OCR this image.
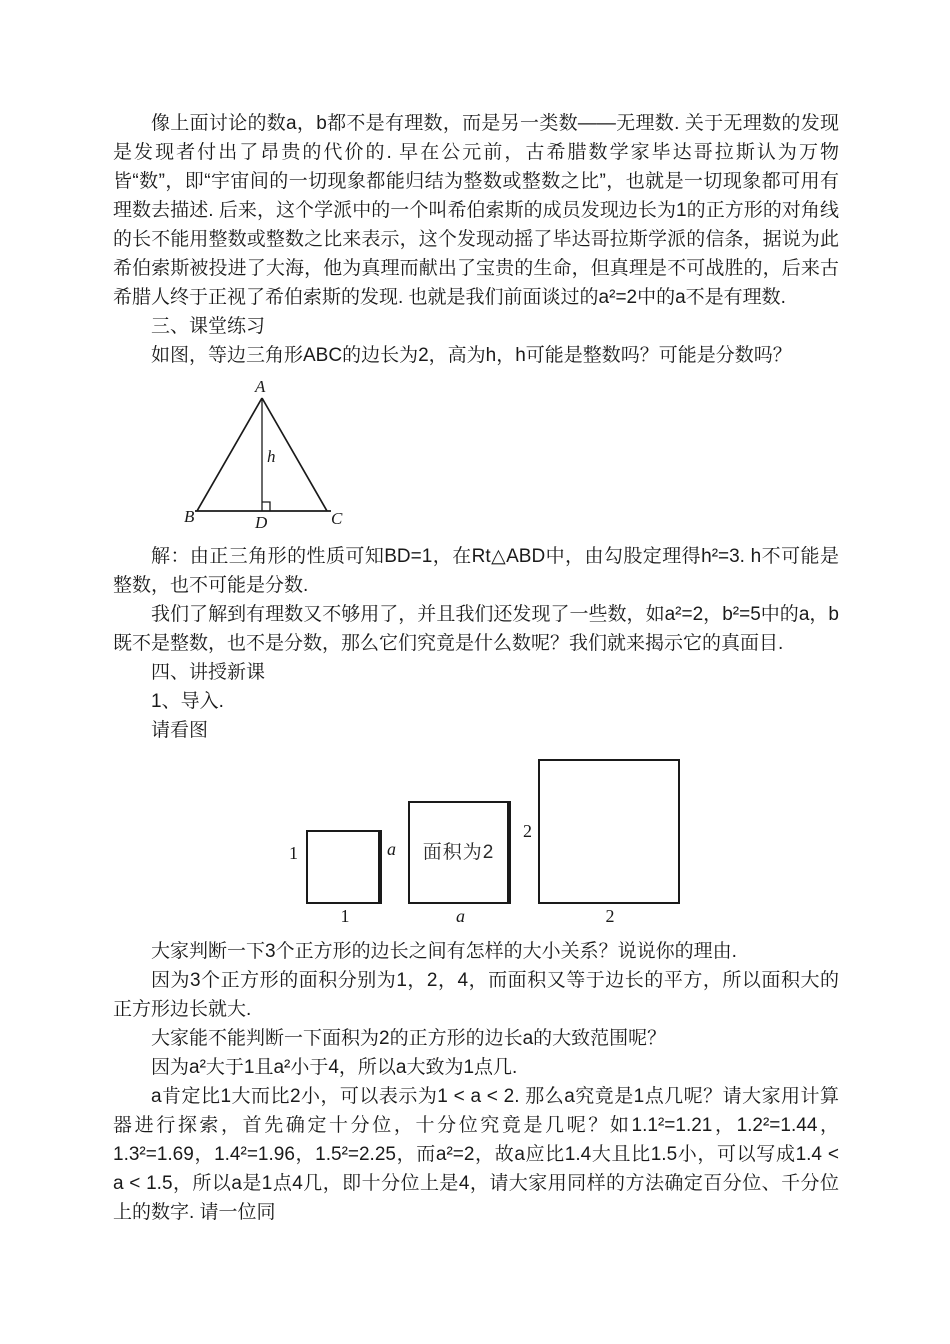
像上面讨论的数a，b都不是有理数，而是另一类数——无理数. 关于无理数的发现是发现者付出了昂贵的代价的. 早在公元前，古希腊数学家毕达哥拉斯认为万物皆“数”，即“宇宙间的一切现象都能归结为整数或整数之比”，也就是一切现象都可用有理数去描述. 后来，这个学派中的一个叫希伯索斯的成员发现边长为1的正方形的对角线的长不能用整数或整数之比来表示，这个发现动摇了毕达哥拉斯学派的信条，据说为此希伯索斯被投进了大海，他为真理而献出了宝贵的生命，但真理是不可战胜的，后来古希腊人终于正视了希伯索斯的发现. 也就是我们前面谈过的a²=2中的a不是有理数.

三、课堂练习

如图，等边三角形ABC的边长为2，高为h，h可能是整数吗？可能是分数吗？

A
B	C
D
h

解：由正三角形的性质可知BD=1，在Rt△ABD中，由勾股定理得h²=3. h不可能是整数，也不可能是分数.

我们了解到有理数又不够用了，并且我们还发现了一些数，如a²=2，b²=5中的a，b既不是整数，也不是分数，那么它们究竟是什么数呢？我们就来揭示它的真面目.

四、讲授新课

1、导入.

请看图

面积为2
1
1
a
a
2
2

大家判断一下3个正方形的边长之间有怎样的大小关系？说说你的理由.

因为3个正方形的面积分别为1，2，4，而面积又等于边长的平方，所以面积大的正方形边长就大.

大家能不能判断一下面积为2的正方形的边长a的大致范围呢？

因为a²大于1且a²小于4，所以a大致为1点几.

a肯定比1大而比2小，可以表示为1 < a < 2. 那么a究竟是1点几呢？请大家用计算器进行探索，首先确定十分位，十分位究竟是几呢？如1.1²=1.21，1.2²=1.44，1.3²=1.69，1.4²=1.96，1.5²=2.25，而a²=2，故a应比1.4大且比1.5小，可以写成1.4 < a < 1.5，所以a是1点4几，即十分位上是4，请大家用同样的方法确定百分位、千分位上的数字. 请一位同
